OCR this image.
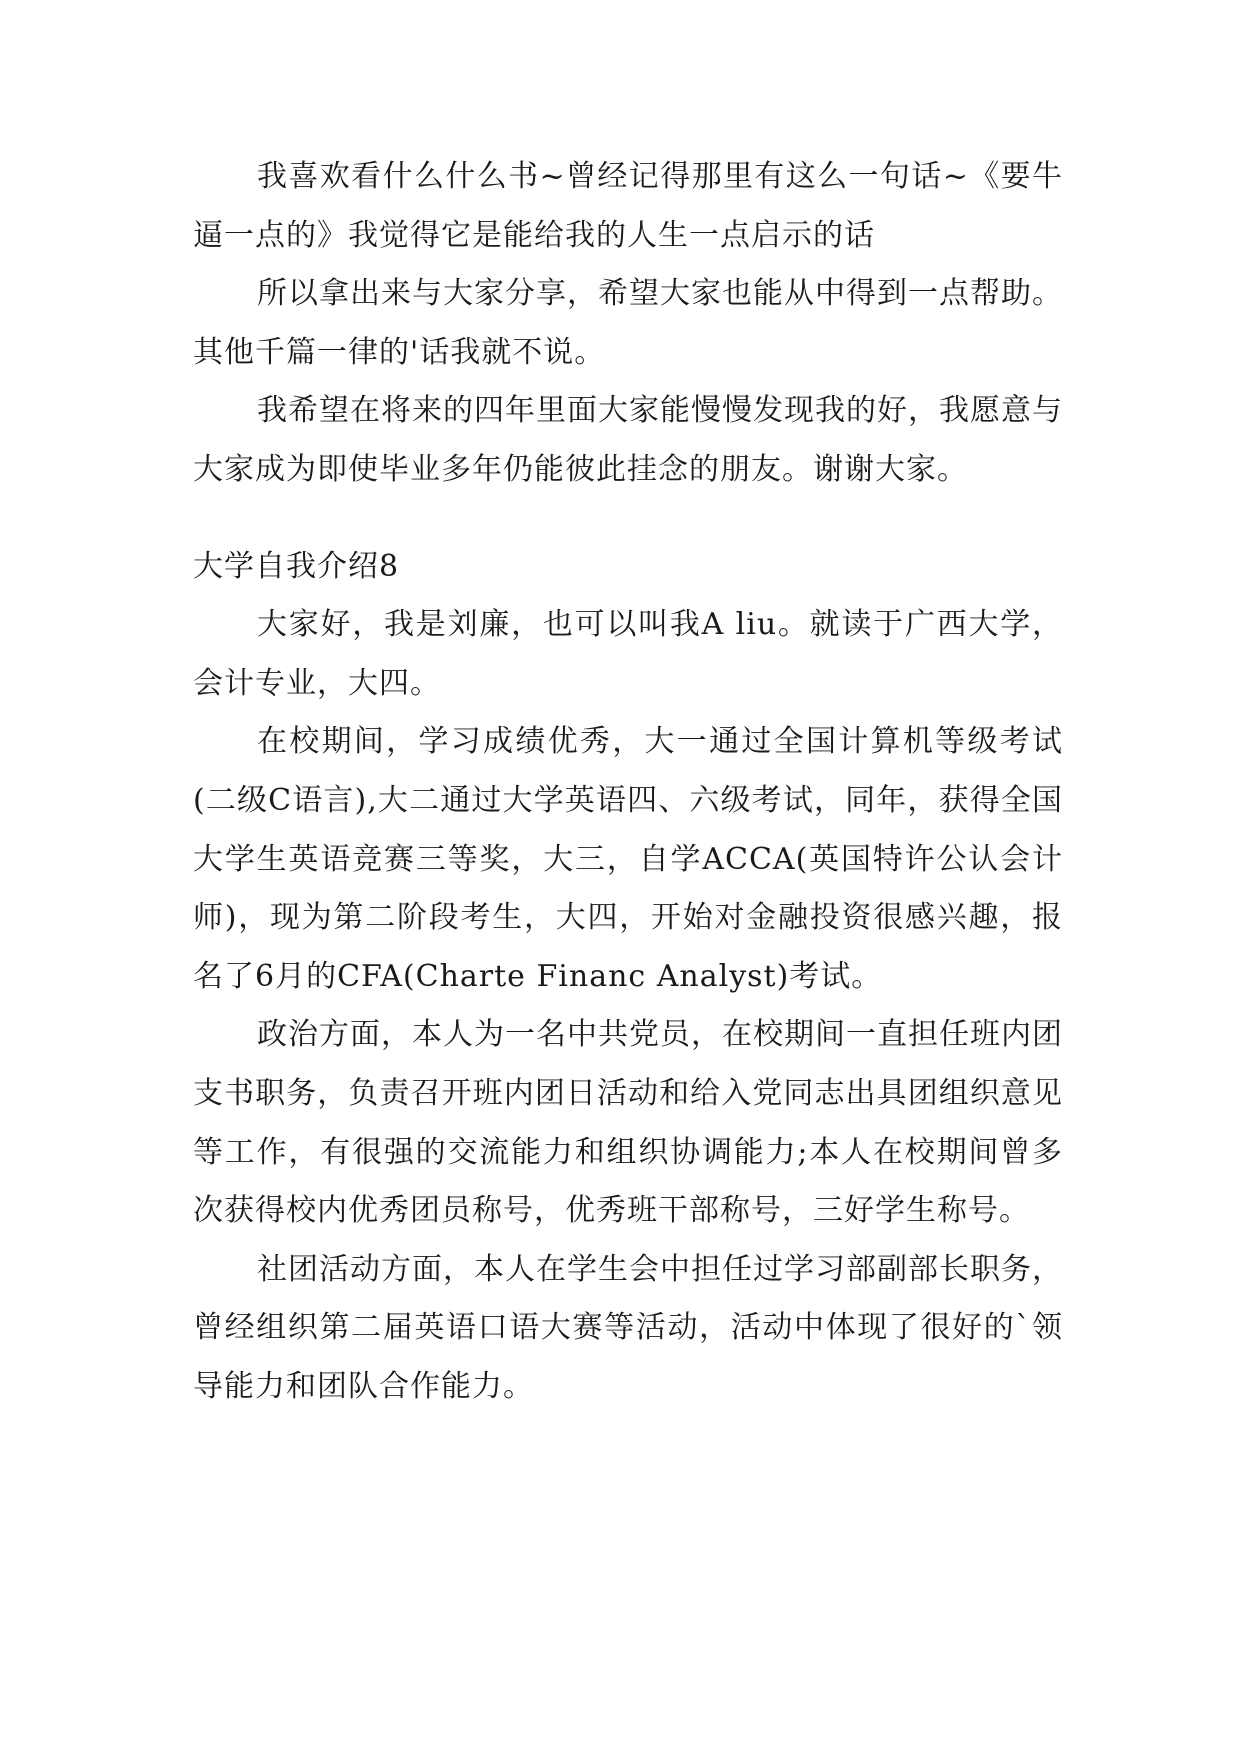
我喜欢看什么什么书~曾经记得那里有这么一句话~《要牛逼一点的》我觉得它是能给我的人生一点启示的话

所以拿出来与大家分享，希望大家也能从中得到一点帮助。其他千篇一律的'话我就不说。

我希望在将来的四年里面大家能慢慢发现我的好，我愿意与大家成为即使毕业多年仍能彼此挂念的朋友。谢谢大家。

大学自我介绍8

大家好，我是刘廉，也可以叫我A liu。就读于广西大学，会计专业，大四。

在校期间，学习成绩优秀，大一通过全国计算机等级考试(二级C语言),大二通过大学英语四、六级考试，同年，获得全国大学生英语竞赛三等奖，大三，自学ACCA(英国特许公认会计师)，现为第二阶段考生，大四，开始对金融投资很感兴趣，报名了6月的CFA(Charte Financ Analyst)考试。

政治方面，本人为一名中共党员，在校期间一直担任班内团支书职务，负责召开班内团日活动和给入党同志出具团组织意见等工作，有很强的交流能力和组织协调能力;本人在校期间曾多次获得校内优秀团员称号，优秀班干部称号，三好学生称号。

社团活动方面，本人在学生会中担任过学习部副部长职务，曾经组织第二届英语口语大赛等活动，活动中体现了很好的`领导能力和团队合作能力。
